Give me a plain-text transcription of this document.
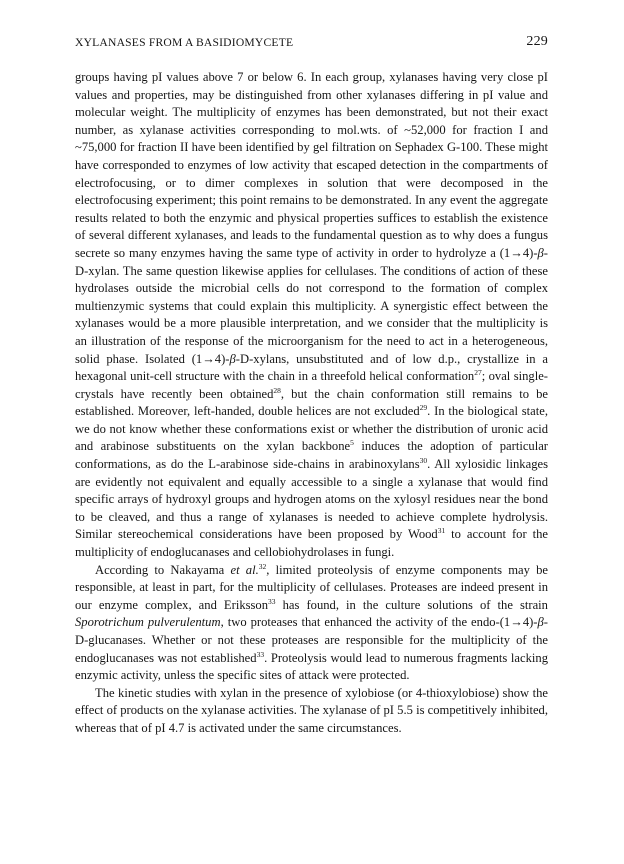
XYLANASES FROM A BASIDIOMYCETE	229

groups having pI values above 7 or below 6. In each group, xylanases having very close pI values and properties, may be distinguished from other xylanases differing in pI value and molecular weight. The multiplicity of enzymes has been demonstrated, but not their exact number, as xylanase activities corresponding to mol.wts. of ~52,000 for fraction I and ~75,000 for fraction II have been identified by gel filtration on Sephadex G-100. These might have corresponded to enzymes of low activity that escaped detection in the compartments of electrofocusing, or to dimer complexes in solution that were decomposed in the electrofocusing experiment; this point remains to be demonstrated. In any event the aggregate results related to both the enzymic and physical properties suffices to establish the existence of several different xylanases, and leads to the fundamental question as to why does a fungus secrete so many enzymes having the same type of activity in order to hydrolyze a (1→4)-β-D-xylan. The same question likewise applies for cellulases. The conditions of action of these hydrolases outside the microbial cells do not correspond to the formation of complex multienzymic systems that could explain this multiplicity. A synergistic effect between the xylanases would be a more plausible interpretation, and we consider that the multiplicity is an illustration of the response of the microorganism for the need to act in a heterogeneous, solid phase. Isolated (1→4)-β-D-xylans, unsubstituted and of low d.p., crystallize in a hexagonal unit-cell structure with the chain in a threefold helical conformation$^{27}$; oval single-crystals have recently been obtained$^{28}$, but the chain conformation still remains to be established. Moreover, left-handed, double helices are not excluded$^{29}$. In the biological state, we do not know whether these conformations exist or whether the distribution of uronic acid and arabinose substituents on the xylan backbone$^5$ induces the adoption of particular conformations, as do the L-arabinose side-chains in arabinoxylans$^{30}$. All xylosidic linkages are evidently not equivalent and equally accessible to a single a xylanase that would find specific arrays of hydroxyl groups and hydrogen atoms on the xylosyl residues near the bond to be cleaved, and thus a range of xylanases is needed to achieve complete hydrolysis. Similar stereochemical considerations have been proposed by Wood$^{31}$ to account for the multiplicity of endoglucanases and cellobiohydrolases in fungi.

According to Nakayama et al.$^{32}$, limited proteolysis of enzyme components may be responsible, at least in part, for the multiplicity of cellulases. Proteases are indeed present in our enzyme complex, and Eriksson$^{33}$ has found, in the culture solutions of the strain Sporotrichum pulverulentum, two proteases that enhanced the activity of the endo-(1→4)-β-D-glucanases. Whether or not these proteases are responsible for the multiplicity of the endoglucanases was not established$^{33}$. Proteolysis would lead to numerous fragments lacking enzymic activity, unless the specific sites of attack were protected.

The kinetic studies with xylan in the presence of xylobiose (or 4-thioxylobiose) show the effect of products on the xylanase activities. The xylanase of pI 5.5 is competitively inhibited, whereas that of pI 4.7 is activated under the same circumstances.
